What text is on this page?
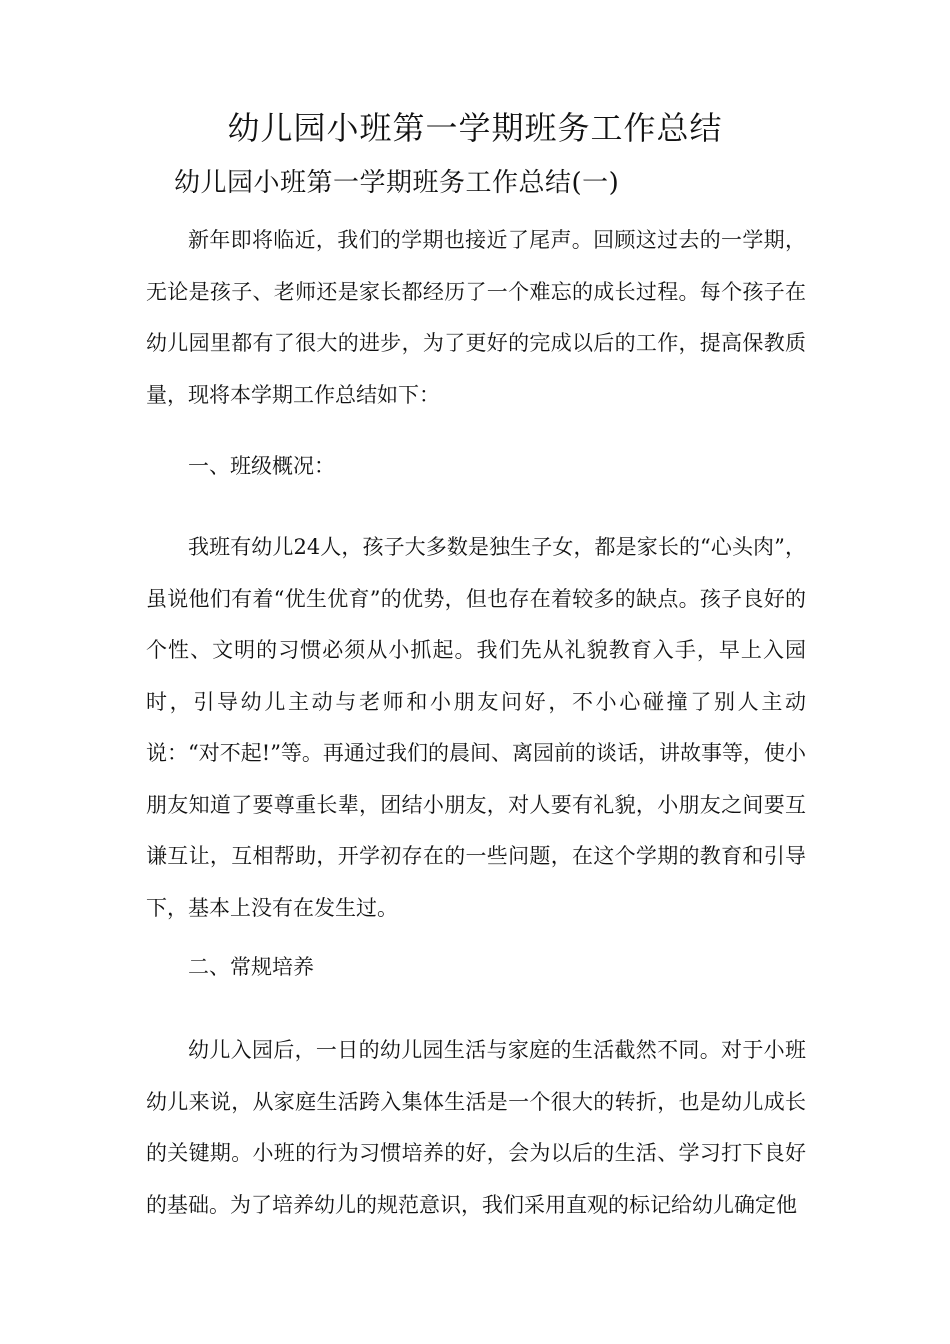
幼儿园小班第一学期班务工作总结
幼儿园小班第一学期班务工作总结(一)

新年即将临近，我们的学期也接近了尾声。回顾这过去的一学期，无论是孩子、老师还是家长都经历了一个难忘的成长过程。每个孩子在幼儿园里都有了很大的进步，为了更好的完成以后的工作，提高保教质量，现将本学期工作总结如下：

一、班级概况：

我班有幼儿24人，孩子大多数是独生子女，都是家长的“心头肉”，虽说他们有着“优生优育”的优势，但也存在着较多的缺点。孩子良好的个性、文明的习惯必须从小抓起。我们先从礼貌教育入手，早上入园时，引导幼儿主动与老师和小朋友问好，不小心碰撞了别人主动说：“对不起!”等。再通过我们的晨间、离园前的谈话，讲故事等，使小朋友知道了要尊重长辈，团结小朋友，对人要有礼貌，小朋友之间要互谦互让，互相帮助，开学初存在的一些问题，在这个学期的教育和引导下，基本上没有在发生过。

二、常规培养

幼儿入园后，一日的幼儿园生活与家庭的生活截然不同。对于小班幼儿来说，从家庭生活跨入集体生活是一个很大的转折，也是幼儿成长的关键期。小班的行为习惯培养的好，会为以后的生活、学习打下良好的基础。为了培养幼儿的规范意识，我们采用直观的标记给幼儿确定他
